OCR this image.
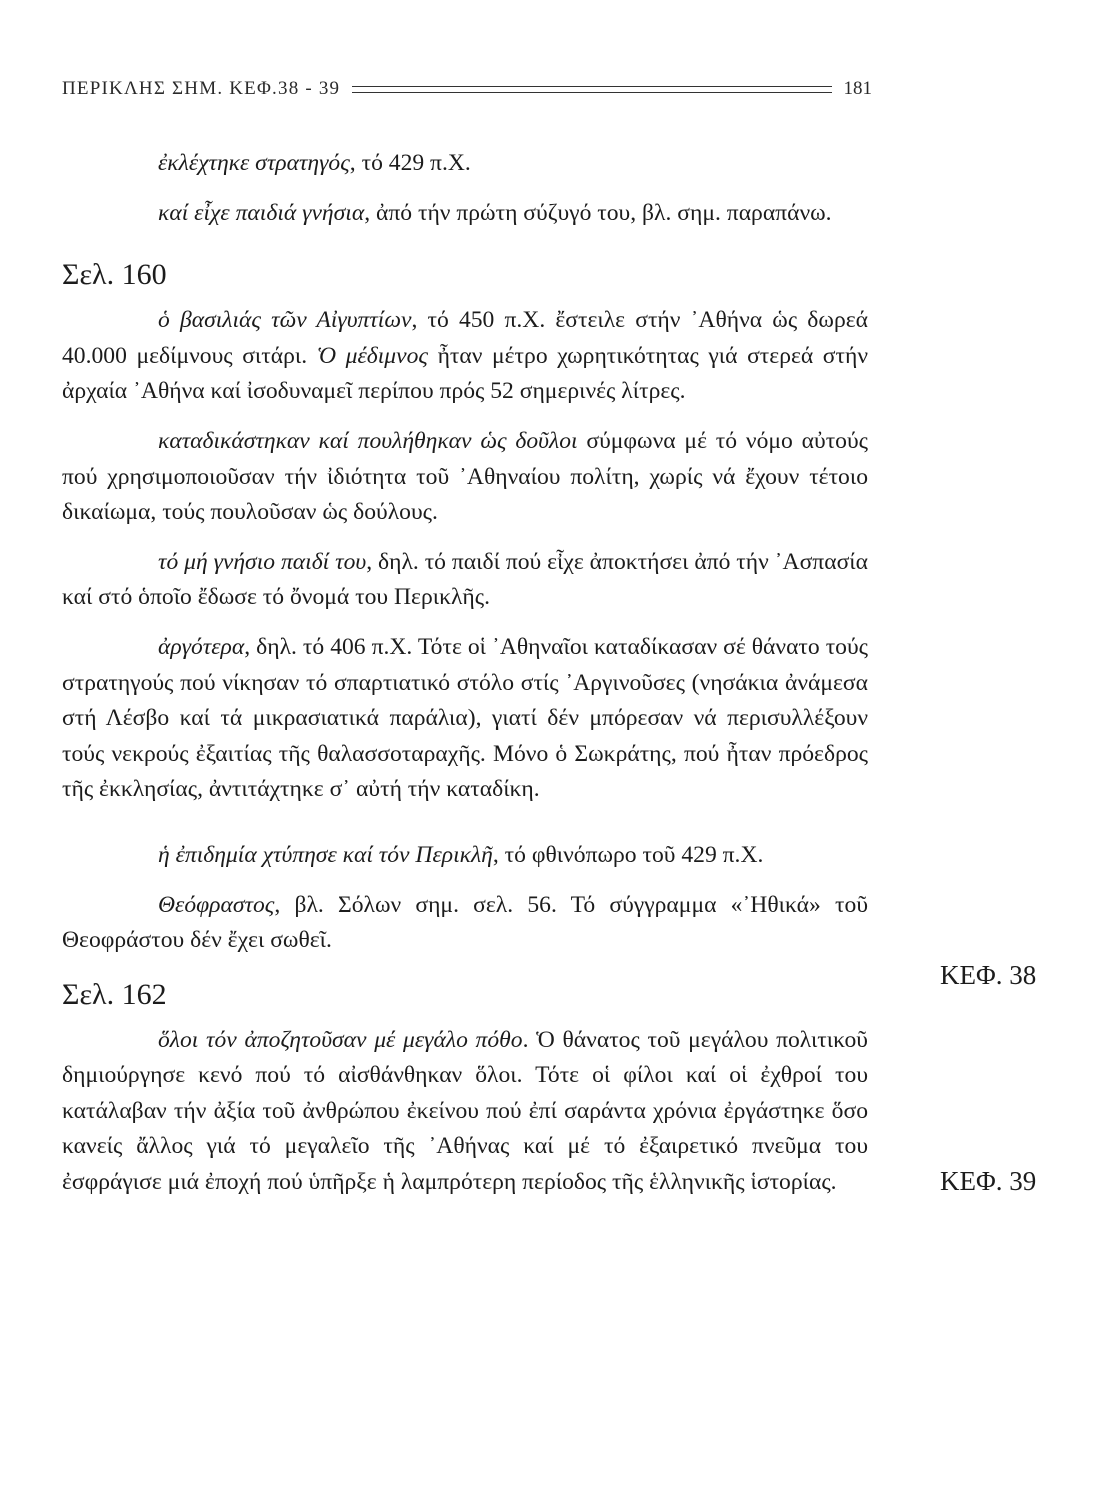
ΠΕΡΙΚΛΗΣ ΣΗΜ. ΚΕΦ.38 - 39	181

ἐκλέχτηκε στρατηγός, τό 429 π.Χ.

καί εἶχε παιδιά γνήσια, ἀπό τήν πρώτη σύζυγό του, βλ. σημ. παραπάνω.

Σελ. 160

ὁ βασιλιάς τῶν Αἰγυπτίων, τό 450 π.Χ. ἔστειλε στήν ᾽Αθήνα ὡς δωρεά 40.000 μεδίμνους σιτάρι. Ὁ μέδιμνος ἦταν μέτρο χωρητικότητας γιά στερεά στήν ἀρχαία ᾽Αθήνα καί ἰσοδυναμεῖ περίπου πρός 52 σημερινές λίτρες.

καταδικάστηκαν καί πουλήθηκαν ὡς δοῦλοι σύμφωνα μέ τό νόμο αὐτούς πού χρησιμοποιοῦσαν τήν ἰδιότητα τοῦ ᾽Αθηναίου πολίτη, χωρίς νά ἔχουν τέτοιο δικαίωμα, τούς πουλοῦσαν ὡς δούλους.

τό μή γνήσιο παιδί του, δηλ. τό παιδί πού εἶχε ἀποκτήσει ἀπό τήν ᾽Ασπασία καί στό ὁποῖο ἔδωσε τό ὄνομά του Περικλῆς.

ἀργότερα, δηλ. τό 406 π.Χ. Τότε οἱ ᾽Αθηναῖοι καταδίκασαν σέ θάνατο τούς στρατηγούς πού νίκησαν τό σπαρτιατικό στόλο στίς ᾽Αργινοῦσες (νησάκια ἀνάμεσα στή Λέσβο καί τά μικρασιατικά παράλια), γιατί δέν μπόρεσαν νά περισυλλέξουν τούς νεκρούς ἐξαιτίας τῆς θαλασσοταραχῆς. Μόνο ὁ Σωκράτης, πού ἦταν πρόεδρος τῆς ἐκκλησίας, ἀντιτάχτηκε σ᾽ αὐτή τήν καταδίκη.

ἡ ἐπιδημία χτύπησε καί τόν Περικλῆ, τό φθινόπωρο τοῦ 429 π.Χ.

Θεόφραστος, βλ. Σόλων σημ. σελ. 56. Τό σύγγραμμα «᾽Ηθικά» τοῦ Θεοφράστου δέν ἔχει σωθεῖ.

Σελ. 162

ὅλοι τόν ἀποζητοῦσαν μέ μεγάλο πόθο. Ὁ θάνατος τοῦ μεγάλου πολιτικοῦ δημιούργησε κενό πού τό αἰσθάνθηκαν ὅλοι. Τότε οἱ φίλοι καί οἱ ἐχθροί του κατάλαβαν τήν ἀξία τοῦ ἀνθρώπου ἐκείνου πού ἐπί σαράντα χρόνια ἐργάστηκε ὅσο κανείς ἄλλος γιά τό μεγαλεῖο τῆς ᾽Αθήνας καί μέ τό ἐξαιρετικό πνεῦμα του ἐσφράγισε μιά ἐποχή πού ὑπῆρξε ἡ λαμπρότερη περίοδος τῆς ἑλληνικῆς ἱστορίας.

ΚΕΦ. 38
ΚΕΦ. 39
